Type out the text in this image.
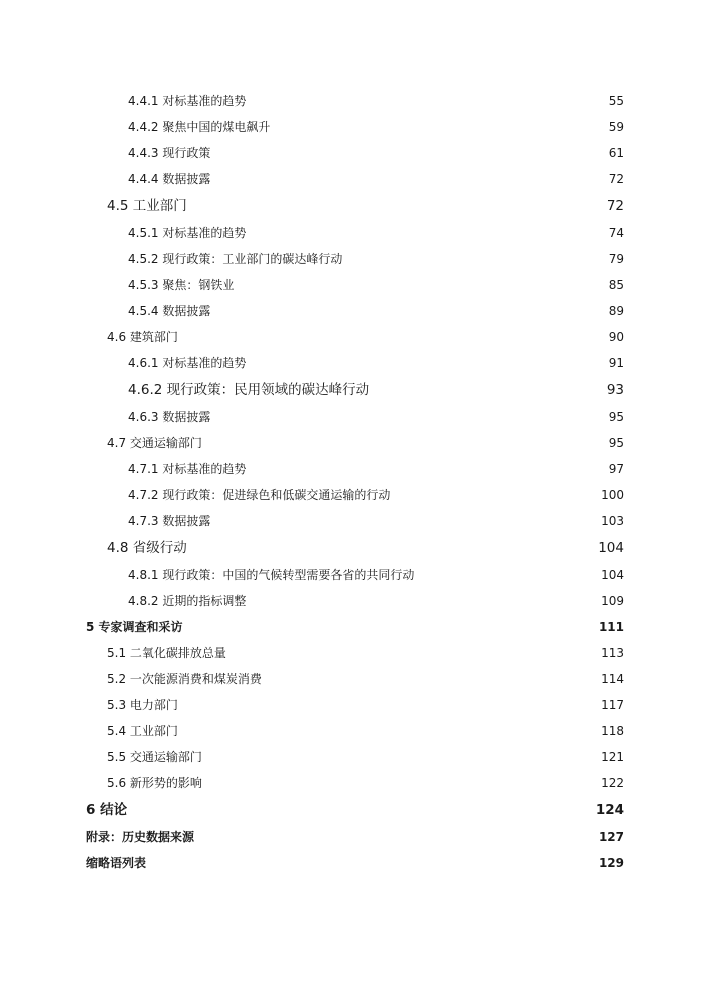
4.4.1 对标基准的趋势	55
4.4.2 聚焦中国的煤电飙升	59
4.4.3 现行政策	61
4.4.4 数据披露	72
4.5 工业部门	72
4.5.1 对标基准的趋势	74
4.5.2 现行政策：工业部门的碳达峰行动	79
4.5.3 聚焦：钢铁业	85
4.5.4 数据披露	89
4.6 建筑部门	90
4.6.1 对标基准的趋势	91
4.6.2 现行政策：民用领域的碳达峰行动	93
4.6.3 数据披露	95
4.7 交通运输部门	95
4.7.1 对标基准的趋势	97
4.7.2 现行政策：促进绿色和低碳交通运输的行动	100
4.7.3 数据披露	103
4.8 省级行动	104
4.8.1 现行政策：中国的气候转型需要各省的共同行动	104
4.8.2 近期的指标调整	109
5 专家调查和采访	111
5.1 二氧化碳排放总量	113
5.2 一次能源消费和煤炭消费	114
5.3 电力部门	117
5.4 工业部门	118
5.5 交通运输部门	121
5.6 新形势的影响	122
6 结论	124
附录：历史数据来源	127
缩略语列表	129
